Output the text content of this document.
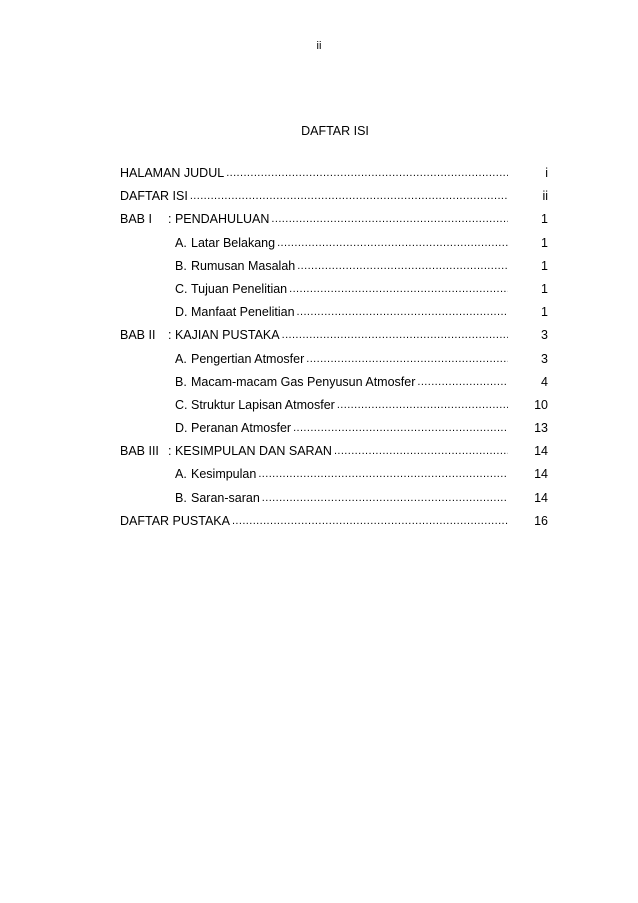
ii
DAFTAR ISI
HALAMAN JUDUL .....	i
DAFTAR ISI .....	ii
BAB I	: PENDAHULUAN .....	1
A. Latar Belakang .....	1
B. Rumusan Masalah .....	1
C. Tujuan Penelitian .....	1
D. Manfaat Penelitian .....	1
BAB II	: KAJIAN PUSTAKA .....	3
A. Pengertian Atmosfer .....	3
B. Macam-macam Gas Penyusun Atmosfer .....	4
C. Struktur Lapisan Atmosfer .....	10
D. Peranan Atmosfer .....	13
BAB III : KESIMPULAN DAN SARAN .....	14
A. Kesimpulan .....	14
B. Saran-saran .....	14
DAFTAR PUSTAKA .....	16
